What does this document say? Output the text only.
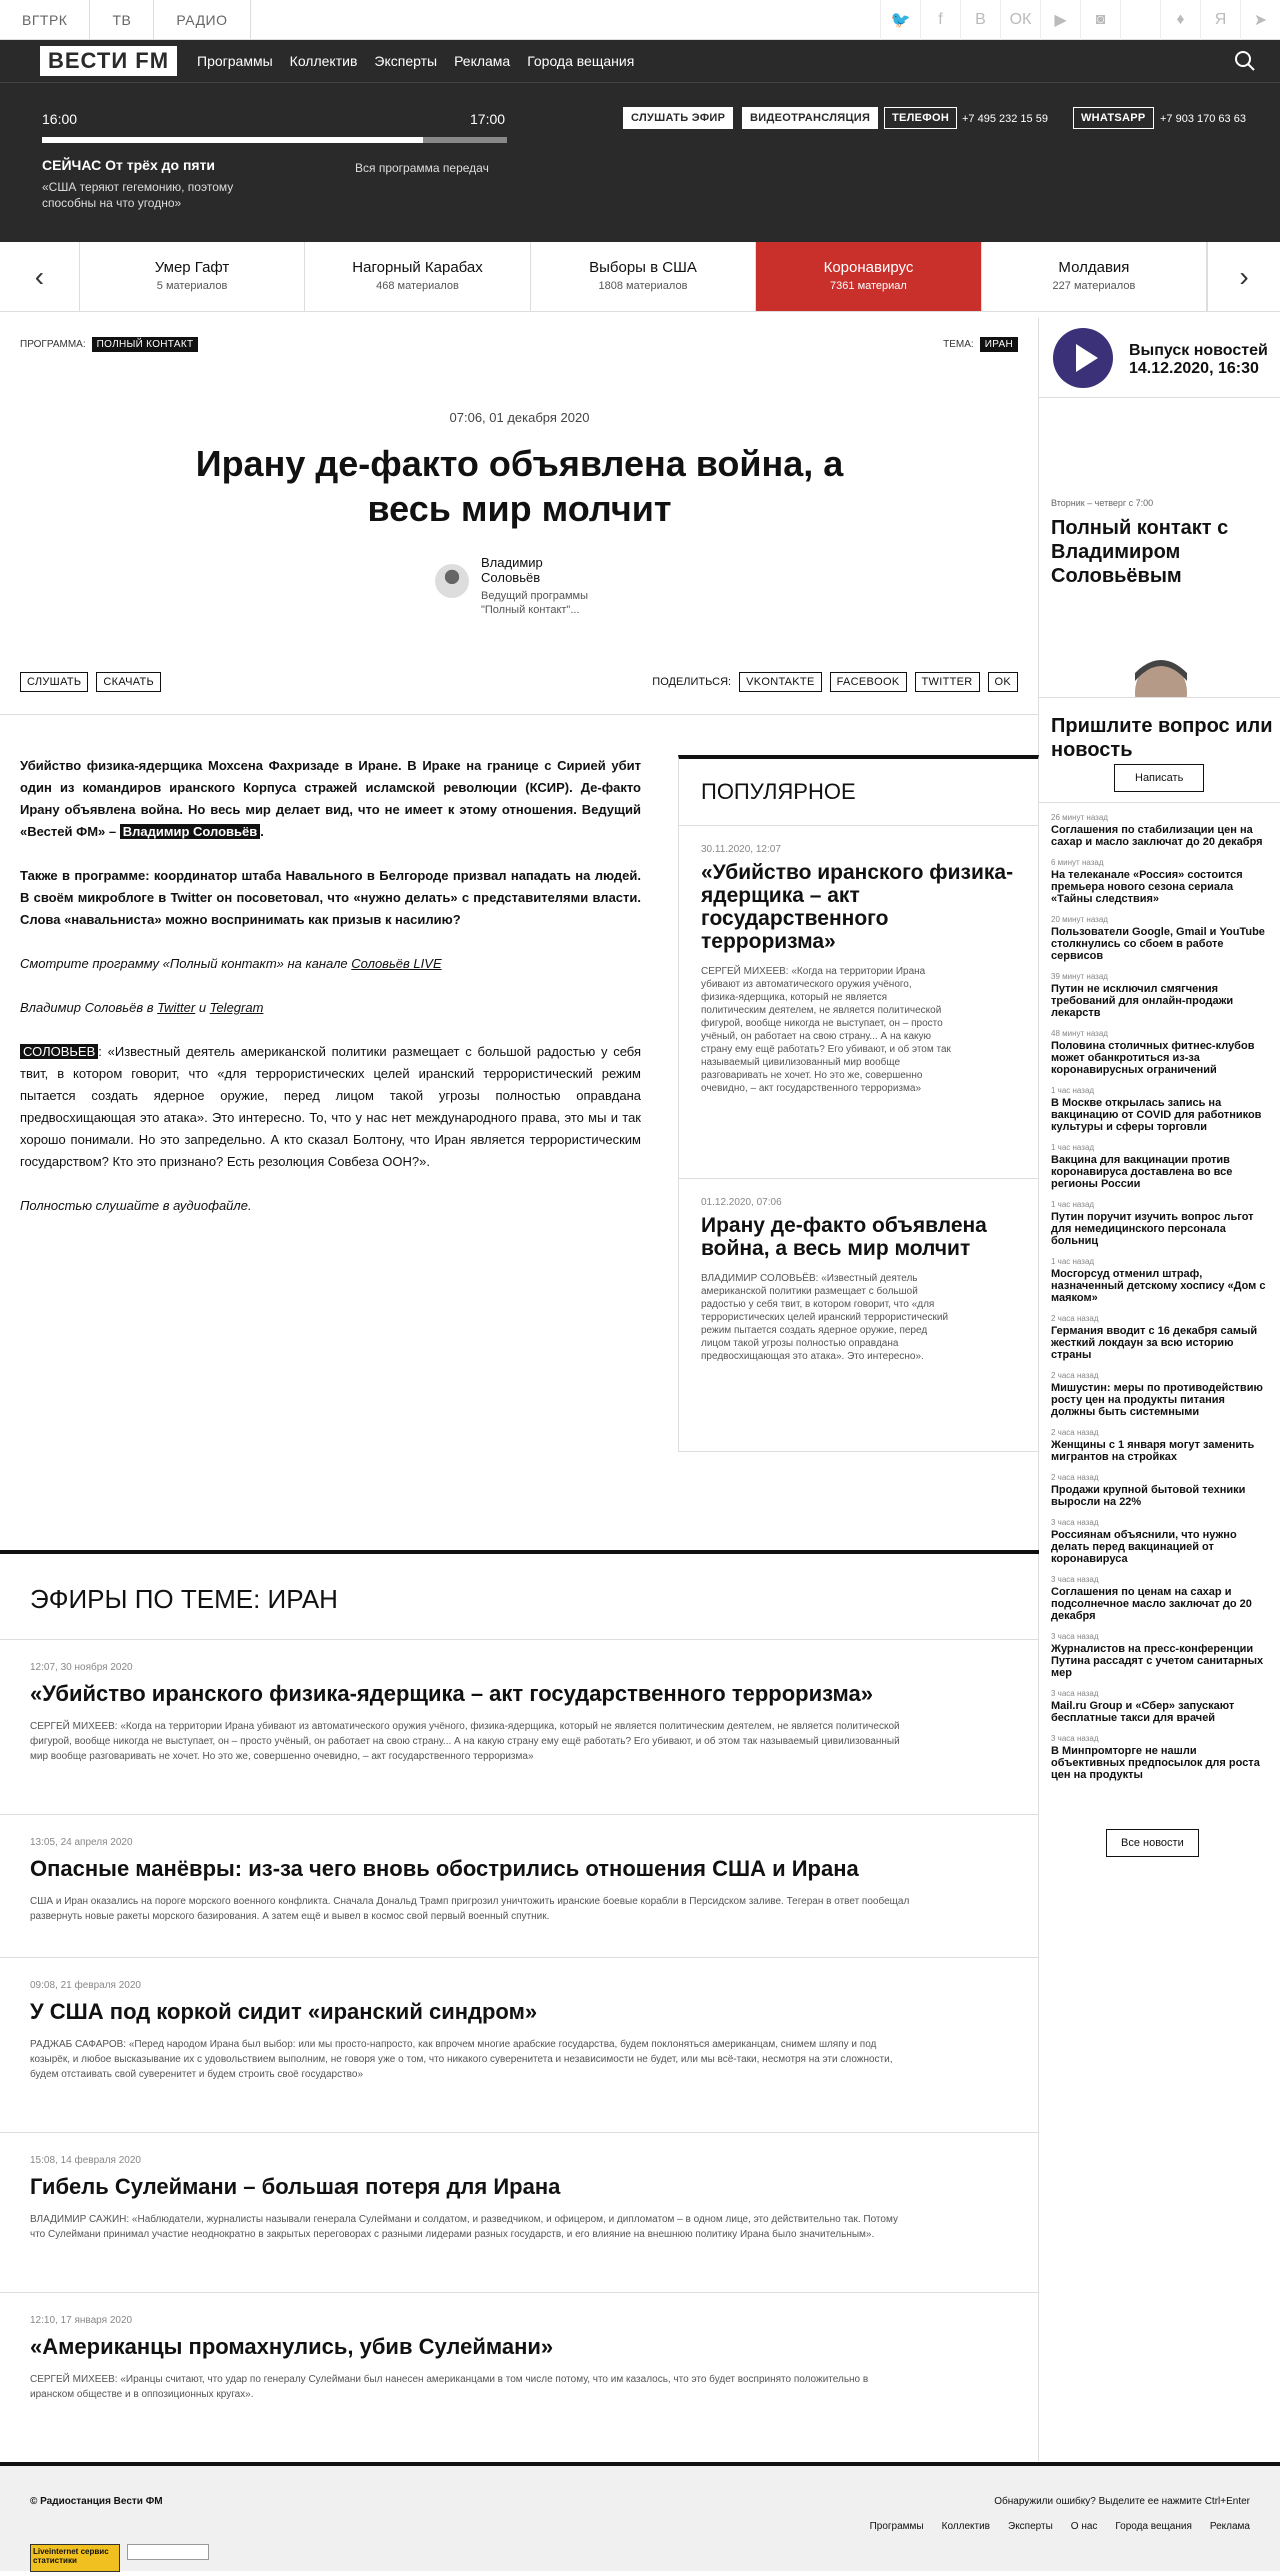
ВГТРК	ТВ	РАДИО	🐦	f	В	ОК	▶	◙	♦	Я	➤
ВЕСТИ FM	Программы Коллектив Эксперты Реклама Города вещания
16:00	17:00
СЕЙЧАС От трёх до пяти
«США теряют гегемонию, поэтому способны на что угодно»
Вся программа передач
СЛУШАТЬ ЭФИР	ВИДЕОТРАНСЛЯЦИЯ	ТЕЛЕФОН	+7 495 232 15 59	WHATSAPP	+7 903 170 63 63
‹	Умер Гафт
5 материалов
Нагорный Карабах
468 материалов
Выборы в США
1808 материалов
Коронавирус
7361 материал
Молдавия
227 материалов	›
ПРОГРАММА: ПОЛНЫЙ КОНТАКТ	ТЕМА: ИРАН
07:06, 01 декабря 2020
Ирану де-факто объявлена война, а весь мир молчит
Владимир Соловьёв
Ведущий программы "Полный контакт"...
СЛУШАТЬ	СКАЧАТЬ	ПОДЕЛИТЬСЯ:	VKONTAKTE	FACEBOOK	TWITTER	OK

Убийство физика-ядерщика Мохсена Фахризаде в Иране. В Ираке на границе с Сирией убит один из командиров иранского Корпуса стражей исламской революции (КСИР). Де-факто Ирану объявлена война. Но весь мир делает вид, что не имеет к этому отношения. Ведущий «Вестей ФМ» – Владимир Соловьёв .

Также в программе: координатор штаба Навального в Белгороде призвал нападать на людей. В своём микроблоге в Twitter он посоветовал, что «нужно делать» с представителями власти. Слова «навальниста» можно воспринимать как призыв к насилию?

Смотрите программу «Полный контакт» на канале Соловьёв LIVE

Владимир Соловьёв в Twitter и Telegram

СОЛОВЬЕВ : «Известный деятель американской политики размещает с большой радостью у себя твит, в котором говорит, что «для террористических целей иранский террористический режим пытается создать ядерное оружие, перед лицом такой угрозы полностью оправдана предвосхищающая это атака». Это интересно. То, что у нас нет международного права, это мы и так хорошо понимали. Но это запредельно. А кто сказал Болтону, что Иран является террористическим государством? Кто это признано? Есть резолюция Совбеза ООН?».

Полностью слушайте в аудиофайле.

ПОПУЛЯРНОЕ
30.11.2020, 12:07
«Убийство иранского физика-ядерщика – акт государственного терроризма»
СЕРГЕЙ МИХЕЕВ: «Когда на территории Ирана убивают из автоматического оружия учёного, физика-ядерщика, который не является политическим деятелем, не является политической фигурой, вообще никогда не выступает, он – просто учёный, он работает на свою страну... А на какую страну ему ещё работать? Его убивают, и об этом так называемый цивилизованный мир вообще разговаривать не хочет. Но это же, совершенно очевидно, – акт государственного терроризма»
01.12.2020, 07:06
Ирану де-факто объявлена война, а весь мир молчит
ВЛАДИМИР СОЛОВЬЁВ: «Известный деятель американской политики размещает с большой радостью у себя твит, в котором говорит, что «для террористических целей иранский террористический режим пытается создать ядерное оружие, перед лицом такой угрозы полностью оправдана предвосхищающая это атака». Это интересно».
ЭФИРЫ ПО ТЕМЕ: ИРАН
12:07, 30 ноября 2020
«Убийство иранского физика-ядерщика – акт государственного терроризма»
СЕРГЕЙ МИХЕЕВ: «Когда на территории Ирана убивают из автоматического оружия учёного, физика-ядерщика, который не является политическим деятелем, не является политической фигурой, вообще никогда не выступает, он – просто учёный, он работает на свою страну... А на какую страну ему ещё работать? Его убивают, и об этом так называемый цивилизованный мир вообще разговаривать не хочет. Но это же, совершенно очевидно, – акт государственного терроризма»
13:05, 24 апреля 2020
Опасные манёвры: из-за чего вновь обострились отношения США и Ирана
США и Иран оказались на пороге морского военного конфликта. Сначала Дональд Трамп пригрозил уничтожить иранские боевые корабли в Персидском заливе. Тегеран в ответ пообещал развернуть новые ракеты морского базирования. А затем ещё и вывел в космос свой первый военный спутник.
09:08, 21 февраля 2020
У США под коркой сидит «иранский синдром»
РАДЖАБ САФАРОВ: «Перед народом Ирана был выбор: или мы просто-напросто, как впрочем многие арабские государства, будем поклоняться американцам, снимем шляпу и под козырёк, и любое высказывание их с удовольствием выполним, не говоря уже о том, что никакого суверенитета и независимости не будет, или мы всё-таки, несмотря на эти сложности, будем отстаивать свой суверенитет и будем строить своё государство»
15:08, 14 февраля 2020
Гибель Сулеймани – большая потеря для Ирана
ВЛАДИМИР САЖИН: «Наблюдатели, журналисты называли генерала Сулеймани и солдатом, и разведчиком, и офицером, и дипломатом – в одном лице, это действительно так. Потому что Сулеймани принимал участие неоднократно в закрытых переговорах с разными лидерами разных государств, и его влияние на внешнюю политику Ирана было значительным».
12:10, 17 января 2020
«Американцы промахнулись, убив Сулеймани»
СЕРГЕЙ МИХЕЕВ: «Иранцы считают, что удар по генералу Сулеймани был нанесен американцами в том числе потому, что им казалось, что это будет воспринято положительно в иранском обществе и в оппозиционных кругах».
Выпуск новостей 14.12.2020, 16:30
Вторник – четверг с 7:00
Полный контакт с Владимиром Соловьёвым
Пришлите вопрос или новость
Написать
26 минут назад
Соглашения по стабилизации цен на сахар и масло заключат до 20 декабря
6 минут назад
На телеканале «Россия» состоится премьера нового сезона сериала «Тайны следствия»
20 минут назад
Пользователи Google, Gmail и YouTube столкнулись со сбоем в работе сервисов
39 минут назад
Путин не исключил смягчения требований для онлайн-продажи лекарств
48 минут назад
Половина столичных фитнес-клубов может обанкротиться из-за коронавирусных ограничений
1 час назад
В Москве открылась запись на вакцинацию от COVID для работников культуры и сферы торговли
1 час назад
Вакцина для вакцинации против коронавируса доставлена во все регионы России
1 час назад
Путин поручит изучить вопрос льгот для немедицинского персонала больниц
1 час назад
Мосгорсуд отменил штраф, назначенный детскому хоспису «Дом с маяком»
2 часа назад
Германия вводит с 16 декабря самый жесткий локдаун за всю историю страны
2 часа назад
Мишустин: меры по противодействию росту цен на продукты питания должны быть системными
2 часа назад
Женщины с 1 января могут заменить мигрантов на стройках
2 часа назад
Продажи крупной бытовой техники выросли на 22%
3 часа назад
Россиянам объяснили, что нужно делать перед вакцинацией от коронавируса
3 часа назад
Соглашения по ценам на сахар и подсолнечное масло заключат до 20 декабря
3 часа назад
Журналистов на пресс-конференции Путина рассадят с учетом санитарных мер
3 часа назад
Mail.ru Group и «Сбер» запускают бесплатные такси для врачей
3 часа назад
В Минпромторге не нашли объективных предпосылок для роста цен на продукты
Все новости
© Радиостанция Вести ФМ	Обнаружили ошибку? Выделите ее нажмите Ctrl+Enter
Программы Коллектив Эксперты О нас Города вещания Реклама
Liveinternet сервис статистики
